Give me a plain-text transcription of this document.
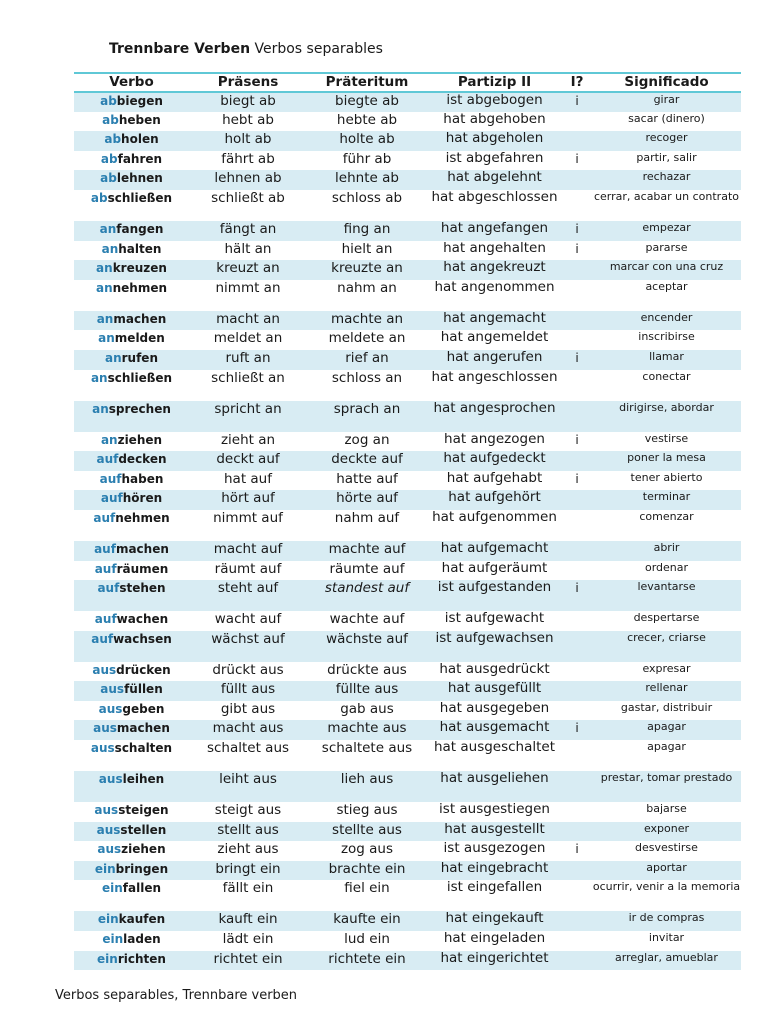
Trennbare Verben Verbos separables
Verbo	Präsens	Präteritum	Partizip II	I?	Significado
abbiegen	biegt ab	biegte ab	ist abgebogen	i	girar
abheben	hebt ab	hebte ab	hat abgehoben		sacar (dinero)
abholen	holt ab	holte ab	hat abgeholen		recoger
abfahren	fährt ab	führ ab	ist abgefahren	i	partir, salir
ablehnen	lehnen ab	lehnte ab	hat abgelehnt		rechazar
abschließen	schließt ab	schloss ab	hat abgeschlossen		cerrar, acabar un contrato
anfangen	fängt an	fing an	hat angefangen	i	empezar
anhalten	hält an	hielt an	hat angehalten	i	pararse
ankreuzen	kreuzt an	kreuzte an	hat angekreuzt		marcar con una cruz
annehmen	nimmt an	nahm an	hat angenommen		aceptar
anmachen	macht an	machte an	hat angemacht		encender
anmelden	meldet an	meldete an	hat angemeldet		inscribirse
anrufen	ruft an	rief an	hat angerufen	i	llamar
anschließen	schließt an	schloss an	hat angeschlossen		conectar
ansprechen	spricht an	sprach an	hat angesprochen		dirigirse, abordar
anziehen	zieht an	zog an	hat angezogen	i	vestirse
aufdecken	deckt auf	deckte auf	hat aufgedeckt		poner la mesa
aufhaben	hat auf	hatte auf	hat aufgehabt	i	tener abierto
aufhören	hört auf	hörte auf	hat aufgehört		terminar
aufnehmen	nimmt auf	nahm auf	hat aufgenommen		comenzar
aufmachen	macht auf	machte auf	hat aufgemacht		abrir
aufräumen	räumt auf	räumte auf	hat aufgeräumt		ordenar
aufstehen	steht auf	standest auf	ist aufgestanden	i	levantarse
aufwachen	wacht auf	wachte auf	ist aufgewacht		despertarse
aufwachsen	wächst auf	wächste auf	ist aufgewachsen		crecer, criarse
ausdrücken	drückt aus	drückte aus	hat ausgedrückt		expresar
ausfüllen	füllt aus	füllte aus	hat ausgefüllt		rellenar
ausgeben	gibt aus	gab aus	hat ausgegeben		gastar, distribuir
ausmachen	macht aus	machte aus	hat ausgemacht	i	apagar
ausschalten	schaltet aus	schaltete aus	hat ausgeschaltet		apagar
ausleihen	leiht aus	lieh aus	hat ausgeliehen		prestar, tomar prestado
aussteigen	steigt aus	stieg aus	ist ausgestiegen		bajarse
ausstellen	stellt aus	stellte aus	hat ausgestellt		exponer
ausziehen	zieht aus	zog aus	ist ausgezogen	i	desvestirse
einbringen	bringt ein	brachte ein	hat eingebracht		aportar
einfallen	fällt ein	fiel ein	ist eingefallen		ocurrir, venir a la memoria
einkaufen	kauft ein	kaufte ein	hat eingekauft		ir de compras
einladen	lädt ein	lud ein	hat eingeladen		invitar
einrichten	richtet ein	richtete ein	hat eingerichtet		arreglar, amueblar
Verbos separables, Trennbare verben
